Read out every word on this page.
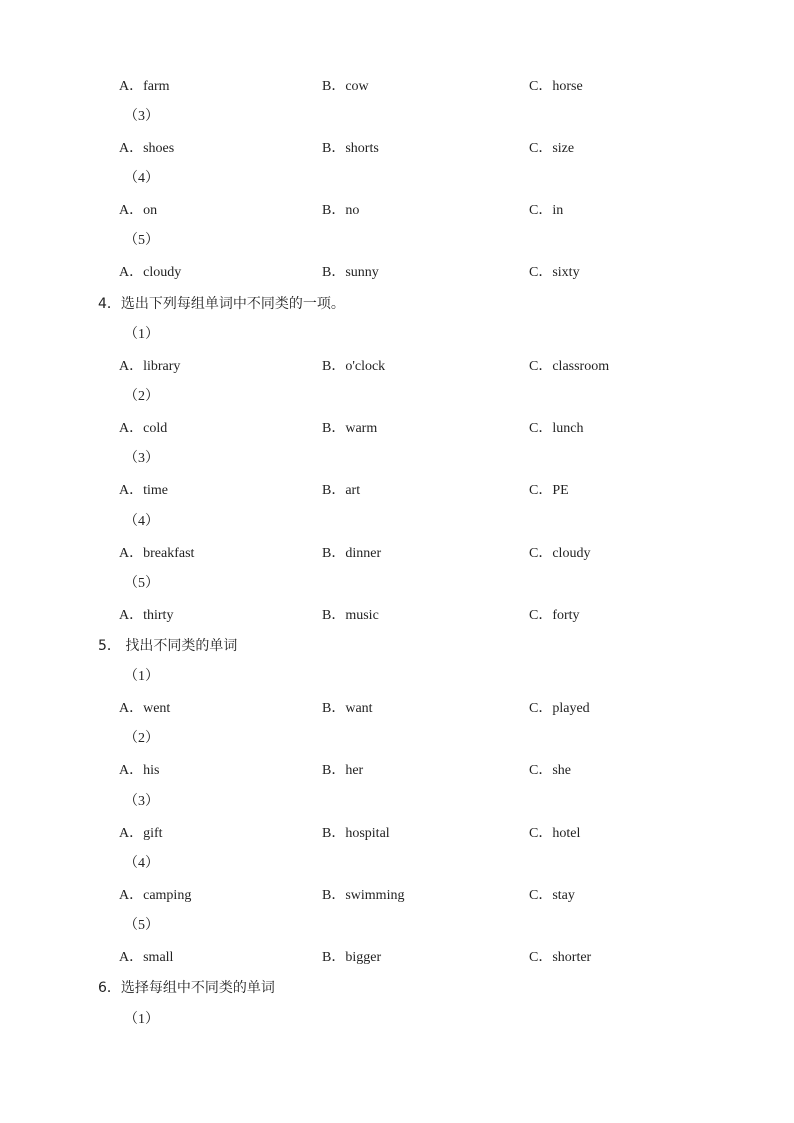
A．farm	B．cow	C．horse
（3）
A．shoes	B．shorts	C．size
（4）
A．on	B．no	C．in
（5）
A．cloudy	B．sunny	C．sixty
4．选出下列每组单词中不同类的一项。
（1）
A．library	B．o'clock	C．classroom
（2）
A．cold	B．warm	C．lunch
（3）
A．time	B．art	C．PE
（4）
A．breakfast	B．dinner	C．cloudy
（5）
A．thirty	B．music	C．forty
5． 找出不同类的单词
（1）
A．went	B．want	C．played
（2）
A．his	B．her	C．she
（3）
A．gift	B．hospital	C．hotel
（4）
A．camping	B．swimming	C．stay
（5）
A．small	B．bigger	C．shorter
6．选择每组中不同类的单词
（1）
